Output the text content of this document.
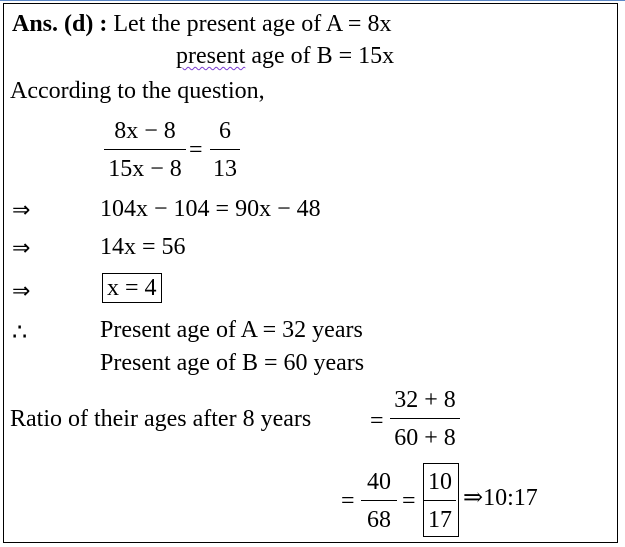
Ans. (d) : Let the present age of A = 8x
present age of B = 15x
According to the question,
8x − 8
15x − 8
=
6
13
⇒	104x − 104 = 90x − 48
⇒	14x = 56
⇒	x = 4
∴	Present age of A = 32 years
Present age of B = 60 years
Ratio of their ages after 8 years =
32 + 8
60 + 8
=
40
68
=
10
17
⇒10:17
